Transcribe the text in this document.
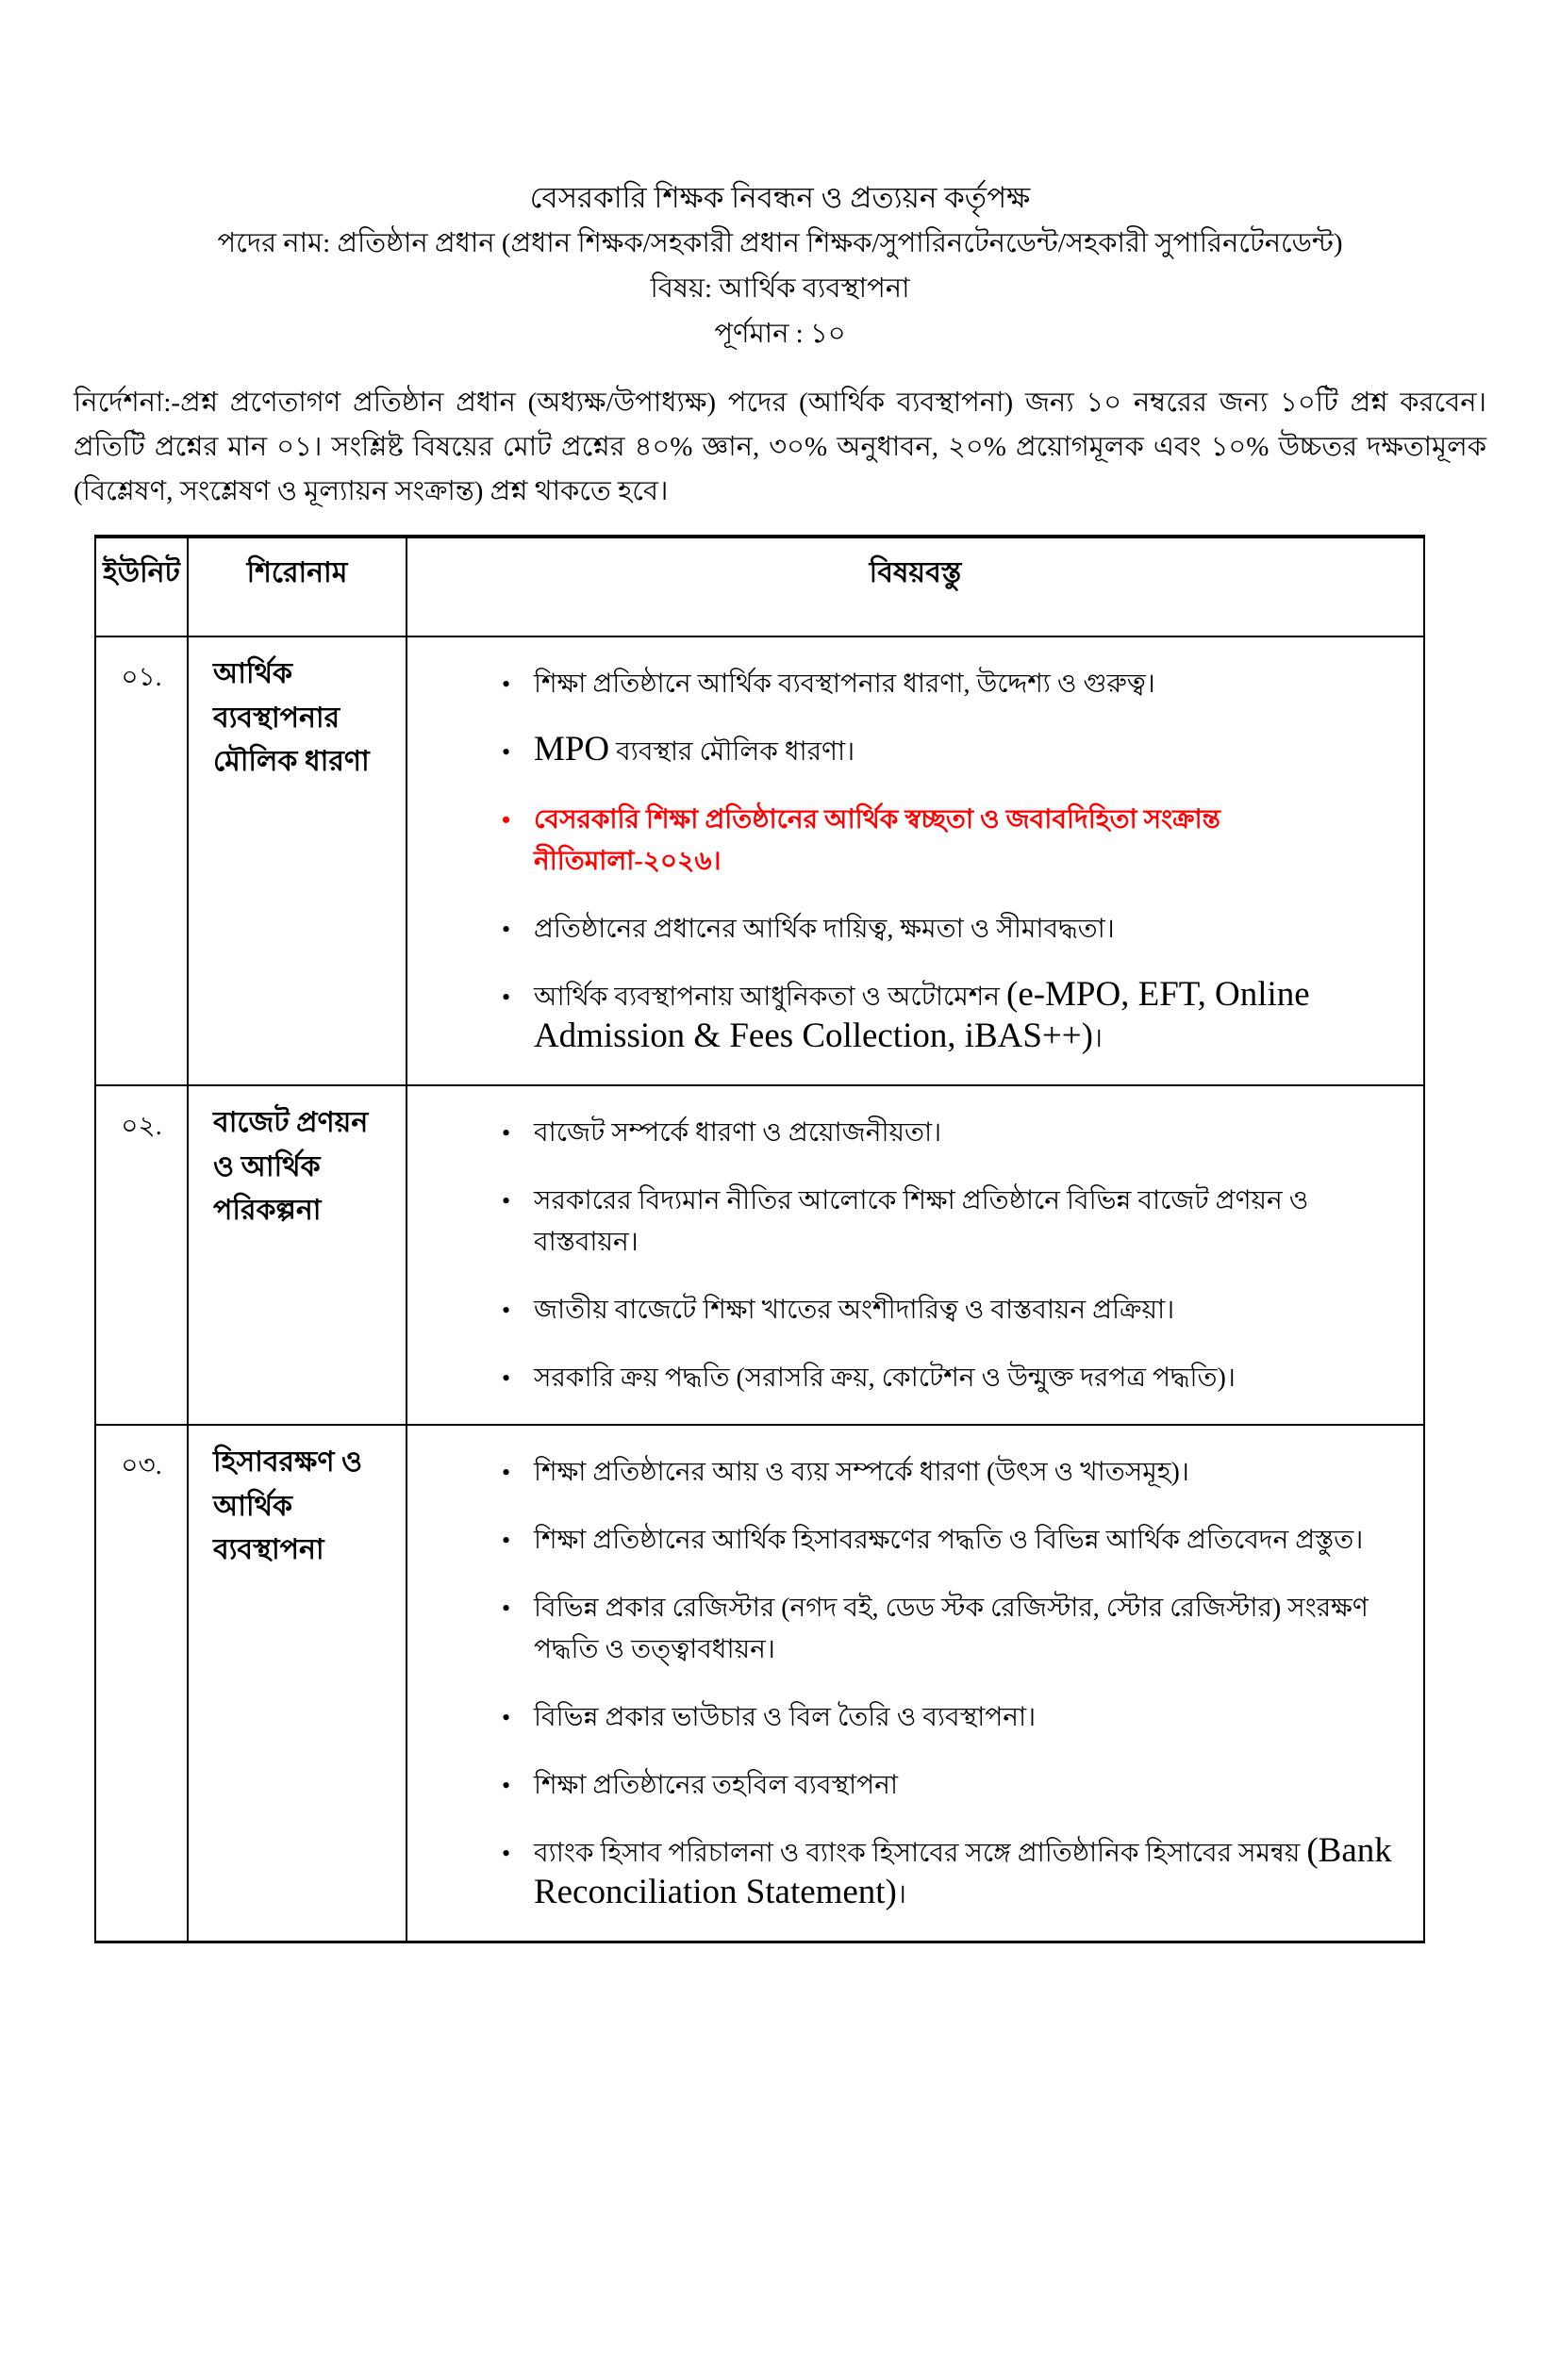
বেসরকারি শিক্ষক নিবন্ধন ও প্রত্যয়ন কর্তৃপক্ষ
পদের নাম: প্রতিষ্ঠান প্রধান (প্রধান শিক্ষক/সহকারী প্রধান শিক্ষক/সুপারিনটেনডেন্ট/সহকারী সুপারিনটেনডেন্ট)
বিষয়: আর্থিক ব্যবস্থাপনা
পূর্ণমান : ১০

নির্দেশনা:-প্রশ্ন প্রণেতাগণ প্রতিষ্ঠান প্রধান (অধ্যক্ষ/উপাধ্যক্ষ) পদের (আর্থিক ব্যবস্থাপনা) জন্য ১০ নম্বরের জন্য ১০টি প্রশ্ন করবেন। প্রতিটি প্রশ্নের মান ০১। সংশ্লিষ্ট বিষয়ের মোট প্রশ্নের ৪০% জ্ঞান, ৩০% অনুধাবন, ২০% প্রয়োগমূলক এবং ১০% উচ্চতর দক্ষতামূলক (বিশ্লেষণ, সংশ্লেষণ ও মূল্যায়ন সংক্রান্ত) প্রশ্ন থাকতে হবে।

ইউনিট	শিরোনাম	বিষয়বস্তু
০১.	আর্থিক ব্যবস্থাপনার মৌলিক ধারণা	
• শিক্ষা প্রতিষ্ঠানে আর্থিক ব্যবস্থাপনার ধারণা, উদ্দেশ্য ও গুরুত্ব।
• MPO ব্যবস্থার মৌলিক ধারণা।
• বেসরকারি শিক্ষা প্রতিষ্ঠানের আর্থিক স্বচ্ছতা ও জবাবদিহিতা সংক্রান্ত নীতিমালা-২০২৬।
• প্রতিষ্ঠানের প্রধানের আর্থিক দায়িত্ব, ক্ষমতা ও সীমাবদ্ধতা।
• আর্থিক ব্যবস্থাপনায় আধুনিকতা ও অটোমেশন (e-MPO, EFT, Online Admission & Fees Collection, iBAS++)।

০২.	বাজেট প্রণয়ন ও আর্থিক পরিকল্পনা	
• বাজেট সম্পর্কে ধারণা ও প্রয়োজনীয়তা।
• সরকারের বিদ্যমান নীতির আলোকে শিক্ষা প্রতিষ্ঠানে বিভিন্ন বাজেট প্রণয়ন ও বাস্তবায়ন।
• জাতীয় বাজেটে শিক্ষা খাতের অংশীদারিত্ব ও বাস্তবায়ন প্রক্রিয়া।
• সরকারি ক্রয় পদ্ধতি (সরাসরি ক্রয়, কোটেশন ও উন্মুক্ত দরপত্র পদ্ধতি)।

০৩.	হিসাবরক্ষণ ও আর্থিক ব্যবস্থাপনা	
• শিক্ষা প্রতিষ্ঠানের আয় ও ব্যয় সম্পর্কে ধারণা (উৎস ও খাতসমূহ)।
• শিক্ষা প্রতিষ্ঠানের আর্থিক হিসাবরক্ষণের পদ্ধতি ও বিভিন্ন আর্থিক প্রতিবেদন প্রস্তুত।
• বিভিন্ন প্রকার রেজিস্টার (নগদ বই, ডেড স্টক রেজিস্টার, স্টোর রেজিস্টার) সংরক্ষণ পদ্ধতি ও তত্ত্বাবধায়ন।
• বিভিন্ন প্রকার ভাউচার ও বিল তৈরি ও ব্যবস্থাপনা।
• শিক্ষা প্রতিষ্ঠানের তহবিল ব্যবস্থাপনা
• ব্যাংক হিসাব পরিচালনা ও ব্যাংক হিসাবের সঙ্গে প্রাতিষ্ঠানিক হিসাবের সমন্বয় (Bank Reconciliation Statement)।
